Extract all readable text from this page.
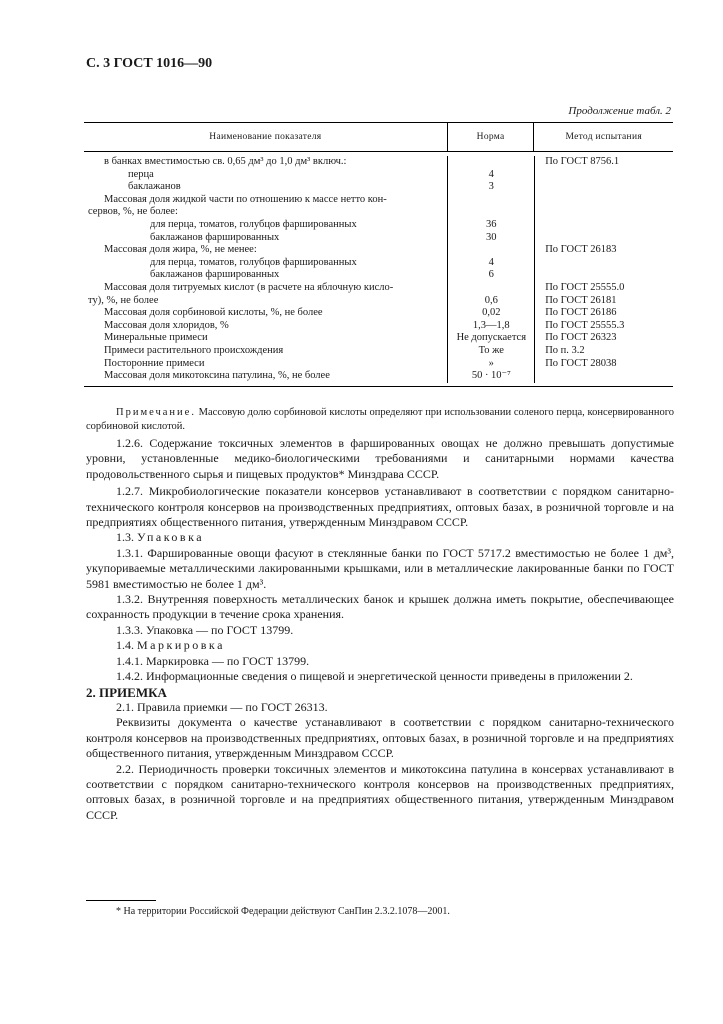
С. 3 ГОСТ 1016—90
Продолжение табл. 2
Наименование показателя	Норма	Метод испытания
в банках вместимостью св. 0,65 дм³ до 1,0 дм³ включ.:
перца
баклажанов
Массовая доля жидкой части по отношению к массе нетто кон-
сервов, %, не более:
для перца, томатов, голубцов фаршированных
баклажанов фаршированных
Массовая доля жира, %, не менее:
для перца, томатов, голубцов фаршированных
баклажанов фаршированных
Массовая доля титруемых кислот (в расчете на яблочную кисло-
ту), %, не более
Массовая доля сорбиновой кислоты, %, не более
Массовая доля хлоридов, %
Минеральные примеси
Примеси растительного происхождения
Посторонние примеси
Массовая доля микотоксина патулина, %, не более
4
3
36
30
4
6
0,6
0,02
1,3—1,8
Не допускается
То же
»
50 · 10⁻⁷
По ГОСТ 8756.1
По ГОСТ 26183
По ГОСТ 25555.0
По ГОСТ 26181
По ГОСТ 26186
По ГОСТ 25555.3
По ГОСТ 26323
По п. 3.2
По ГОСТ 28038
Примечание. Массовую долю сорбиновой кислоты определяют при использовании соленого перца, консервированного сорбиновой кислотой.

1.2.6. Содержание токсичных элементов в фаршированных овощах не должно превышать допустимые уровни, установленные медико-биологическими требованиями и санитарными нормами качества продовольственного сырья и пищевых продуктов* Минздрава СССР.

1.2.7. Микробиологические показатели консервов устанавливают в соответствии с порядком санитарно-технического контроля консервов на производственных предприятиях, оптовых базах, в розничной торговле и на предприятиях общественного питания, утвержденным Минздравом СССР.

1.3. Упаковка

1.3.1. Фаршированные овощи фасуют в стеклянные банки по ГОСТ 5717.2 вместимостью не более 1 дм³, укупориваемые металлическими лакированными крышками, или в металлические лакированные банки по ГОСТ 5981 вместимостью не более 1 дм³.

1.3.2. Внутренняя поверхность металлических банок и крышек должна иметь покрытие, обеспечивающее сохранность продукции в течение срока хранения.

1.3.3. Упаковка — по ГОСТ 13799.

1.4. Маркировка

1.4.1. Маркировка — по ГОСТ 13799.

1.4.2. Информационные сведения о пищевой и энергетической ценности приведены в приложении 2.

2. ПРИЕМКА

2.1. Правила приемки — по ГОСТ 26313.

Реквизиты документа о качестве устанавливают в соответствии с порядком санитарно-технического контроля консервов на производственных предприятиях, оптовых базах, в розничной торговле и на предприятиях общественного питания, утвержденным Минздравом СССР.

2.2. Периодичность проверки токсичных элементов и микотоксина патулина в консервах устанавливают в соответствии с порядком санитарно-технического контроля консервов на производственных предприятиях, оптовых базах, в розничной торговле и на предприятиях общественного питания, утвержденным Минздравом СССР.

* На территории Российской Федерации действуют СанПин 2.3.2.1078—2001.
